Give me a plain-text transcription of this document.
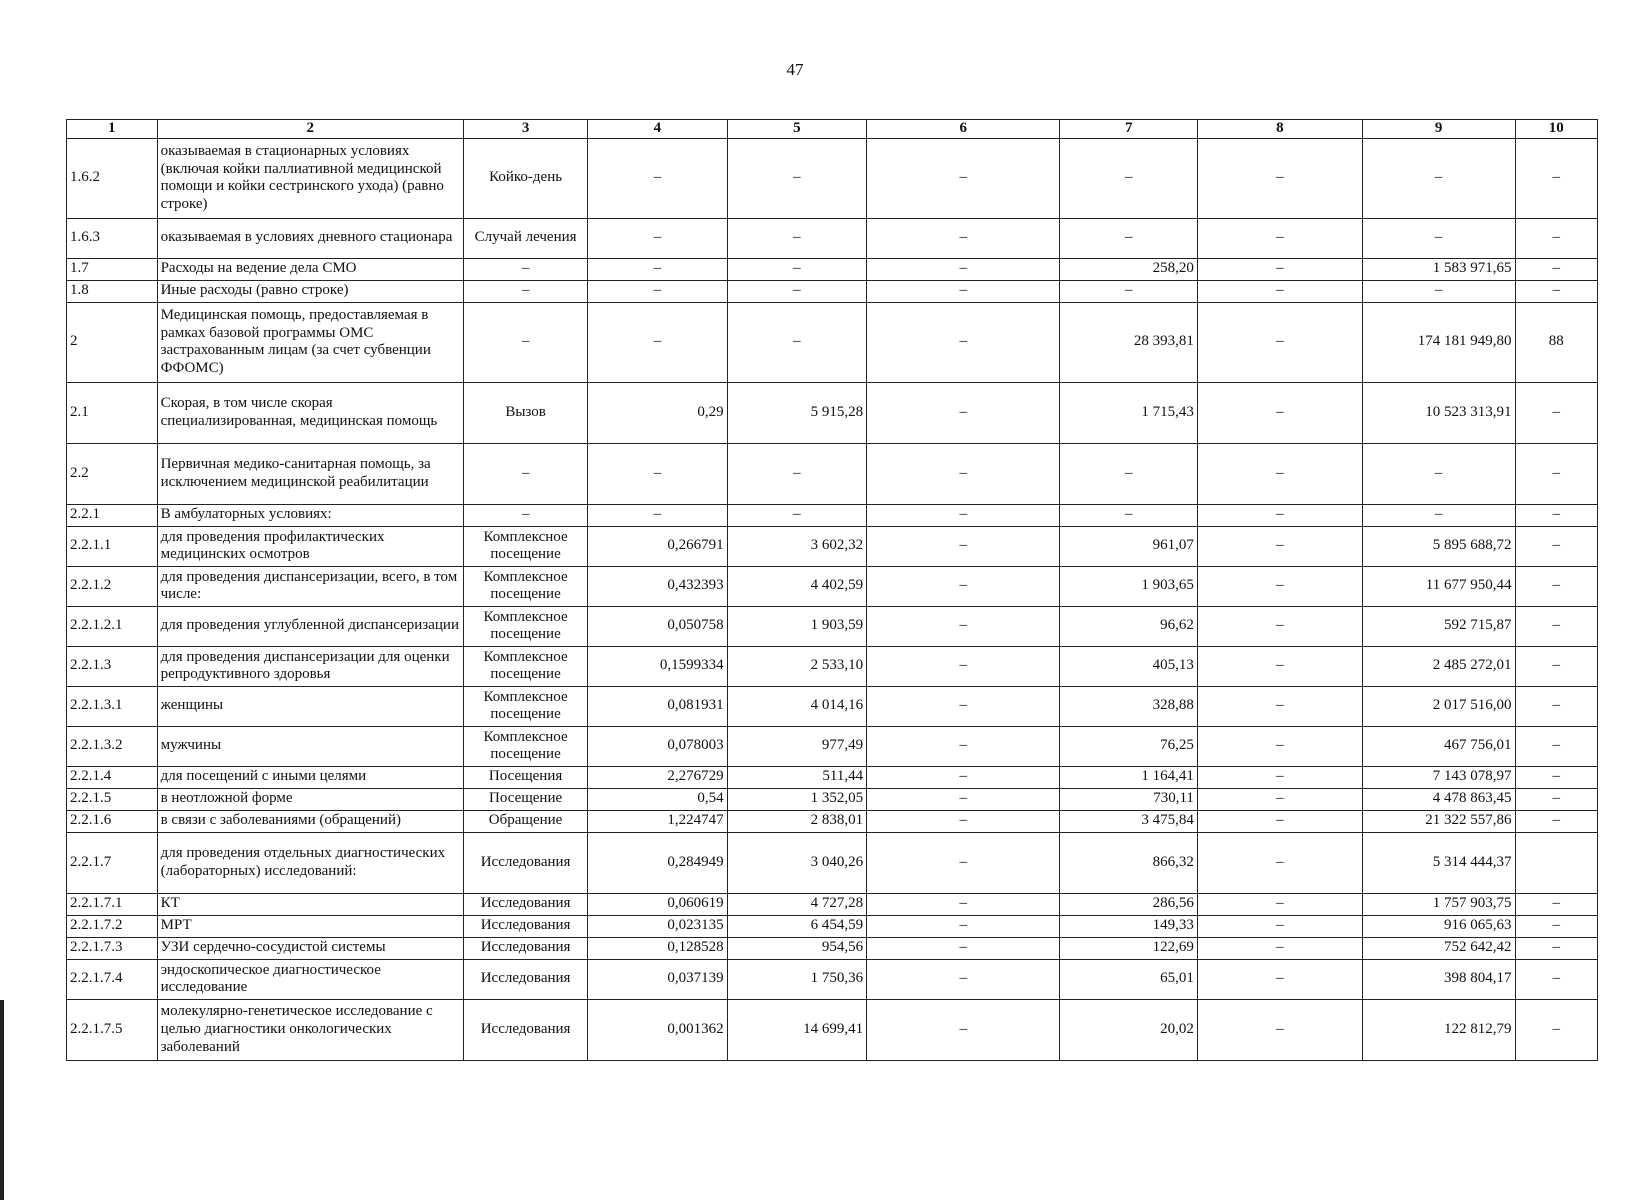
47
1	2	3	4	5	6	7	8	9	10
1.6.2	оказываемая в стационарных условиях (включая койки паллиативной медицинской помощи и койки сестринского ухода) (равно строке)	Койко-день	–	–	–	–	–	–	–
1.6.3	оказываемая в условиях дневного стационара	Случай лечения	–	–	–	–	–	–	–
1.7	Расходы на ведение дела СМО	–	–	–	–	258,20	–	1 583 971,65	–
1.8	Иные расходы (равно строке)	–	–	–	–	–	–	–	–
2	Медицинская помощь, предоставляемая в рамках базовой программы ОМС застрахованным лицам (за счет субвенции ФФОМС)	–	–	–	–	28 393,81	–	174 181 949,80	88
2.1	Скорая, в том числе скорая специализированная, медицинская помощь	Вызов	0,29	5 915,28	–	1 715,43	–	10 523 313,91	–
2.2	Первичная медико-санитарная помощь, за исключением медицинской реабилитации	–	–	–	–	–	–	–	–
2.2.1	В амбулаторных условиях:	–	–	–	–	–	–	–	–
2.2.1.1	для проведения профилактических медицинских осмотров	Комплексное посещение	0,266791	3 602,32	–	961,07	–	5 895 688,72	–
2.2.1.2	для проведения диспансеризации, всего, в том числе:	Комплексное посещение	0,432393	4 402,59	–	1 903,65	–	11 677 950,44	–
2.2.1.2.1	для проведения углубленной диспансеризации	Комплексное посещение	0,050758	1 903,59	–	96,62	–	592 715,87	–
2.2.1.3	для проведения диспансеризации для оценки репродуктивного здоровья	Комплексное посещение	0,1599334	2 533,10	–	405,13	–	2 485 272,01	–
2.2.1.3.1	женщины	Комплексное посещение	0,081931	4 014,16	–	328,88	–	2 017 516,00	–
2.2.1.3.2	мужчины	Комплексное посещение	0,078003	977,49	–	76,25	–	467 756,01	–
2.2.1.4	для посещений с иными целями	Посещения	2,276729	511,44	–	1 164,41	–	7 143 078,97	–
2.2.1.5	в неотложной форме	Посещение	0,54	1 352,05	–	730,11	–	4 478 863,45	–
2.2.1.6	в связи с заболеваниями (обращений)	Обращение	1,224747	2 838,01	–	3 475,84	–	21 322 557,86	–
2.2.1.7	для проведения отдельных диагностических (лабораторных) исследований:	Исследования	0,284949	3 040,26	–	866,32	–	5 314 444,37	
2.2.1.7.1	КТ	Исследования	0,060619	4 727,28	–	286,56	–	1 757 903,75	–
2.2.1.7.2	МРТ	Исследования	0,023135	6 454,59	–	149,33	–	916 065,63	–
2.2.1.7.3	УЗИ сердечно-сосудистой системы	Исследования	0,128528	954,56	–	122,69	–	752 642,42	–
2.2.1.7.4	эндоскопическое диагностическое исследование	Исследования	0,037139	1 750,36	–	65,01	–	398 804,17	–
2.2.1.7.5	молекулярно-генетическое исследование с целью диагностики онкологических заболеваний	Исследования	0,001362	14 699,41	–	20,02	–	122 812,79	–
